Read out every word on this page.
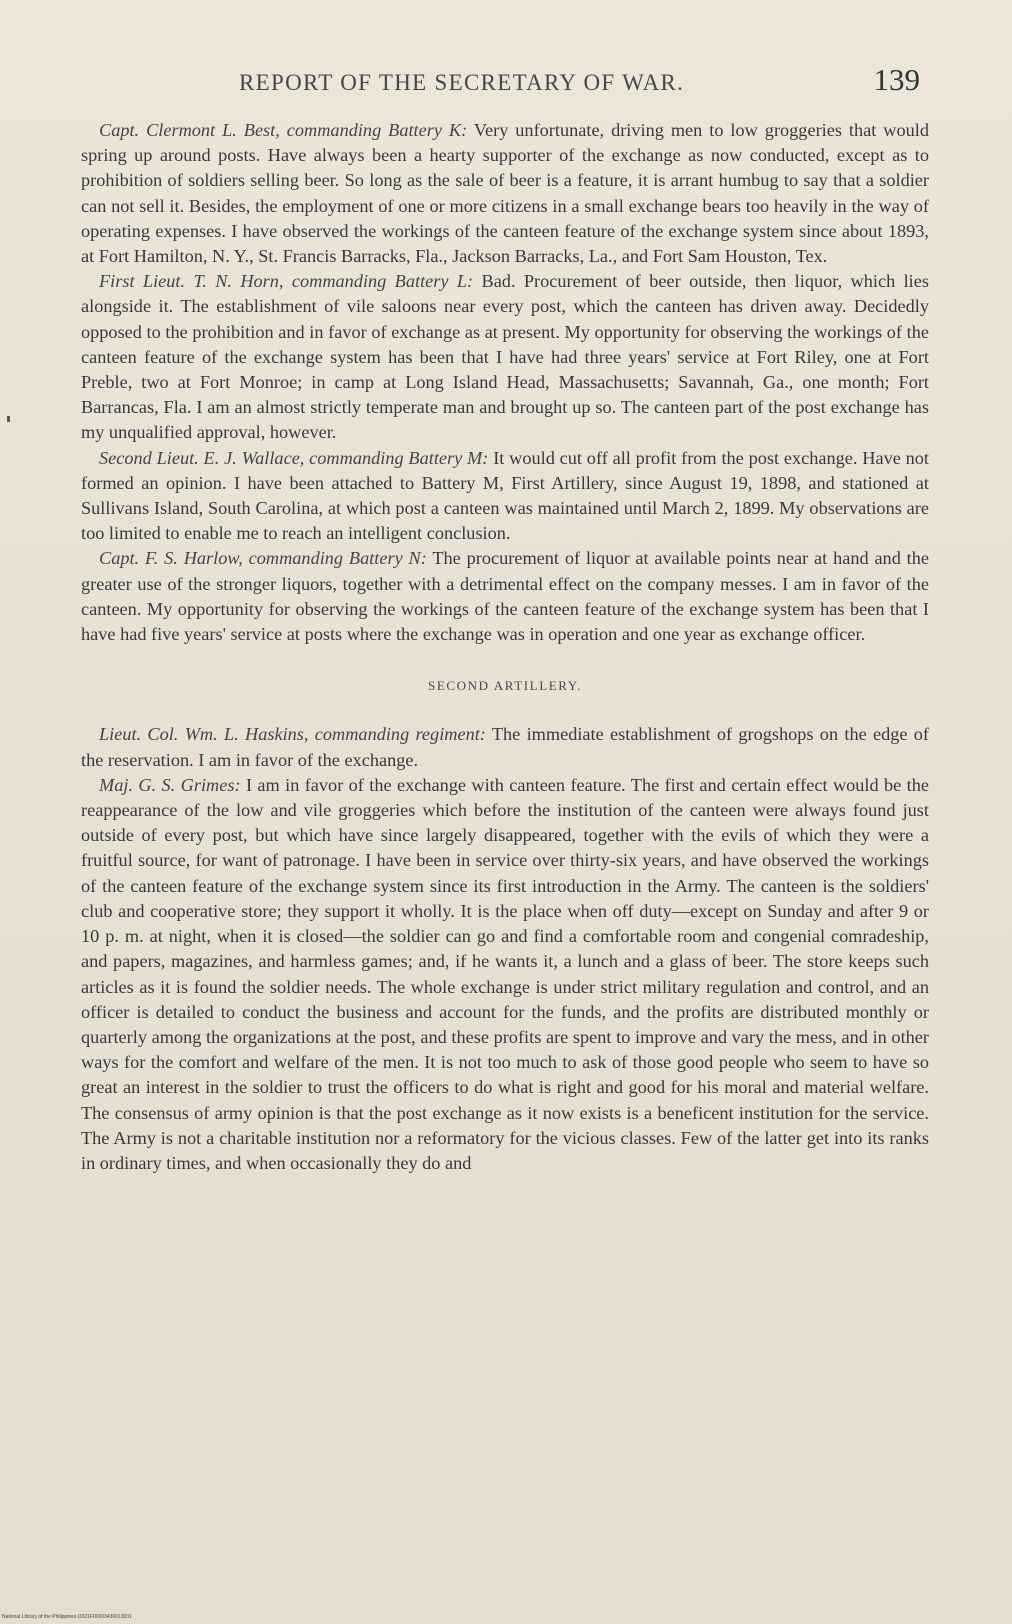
REPORT OF THE SECRETARY OF WAR.	139

Capt. Clermont L. Best, commanding Battery K: Very unfortunate, driving men to low groggeries that would spring up around posts. Have always been a hearty supporter of the exchange as now conducted, except as to prohibition of soldiers selling beer. So long as the sale of beer is a feature, it is arrant humbug to say that a soldier can not sell it. Besides, the employment of one or more citizens in a small exchange bears too heavily in the way of operating expenses. I have observed the workings of the canteen feature of the exchange system since about 1893, at Fort Hamilton, N. Y., St. Francis Barracks, Fla., Jackson Barracks, La., and Fort Sam Houston, Tex.

First Lieut. T. N. Horn, commanding Battery L: Bad. Procurement of beer outside, then liquor, which lies alongside it. The establishment of vile saloons near every post, which the canteen has driven away. Decidedly opposed to the prohibition and in favor of exchange as at present. My opportunity for observing the workings of the canteen feature of the exchange system has been that I have had three years' service at Fort Riley, one at Fort Preble, two at Fort Monroe; in camp at Long Island Head, Massachusetts; Savannah, Ga., one month; Fort Barrancas, Fla. I am an almost strictly temperate man and brought up so. The canteen part of the post exchange has my unqualified approval, however.

Second Lieut. E. J. Wallace, commanding Battery M: It would cut off all profit from the post exchange. Have not formed an opinion. I have been attached to Battery M, First Artillery, since August 19, 1898, and stationed at Sullivans Island, South Carolina, at which post a canteen was maintained until March 2, 1899. My observations are too limited to enable me to reach an intelligent conclusion.

Capt. F. S. Harlow, commanding Battery N: The procurement of liquor at available points near at hand and the greater use of the stronger liquors, together with a detrimental effect on the company messes. I am in favor of the canteen. My opportunity for observing the workings of the canteen feature of the exchange system has been that I have had five years' service at posts where the exchange was in operation and one year as exchange officer.

SECOND ARTILLERY.

Lieut. Col. Wm. L. Haskins, commanding regiment: The immediate establishment of grogshops on the edge of the reservation. I am in favor of the exchange.

Maj. G. S. Grimes: I am in favor of the exchange with canteen feature. The first and certain effect would be the reappearance of the low and vile groggeries which before the institution of the canteen were always found just outside of every post, but which have since largely disappeared, together with the evils of which they were a fruitful source, for want of patronage. I have been in service over thirty-six years, and have observed the workings of the canteen feature of the exchange system since its first introduction in the Army. The canteen is the soldiers' club and cooperative store; they support it wholly. It is the place when off duty—except on Sunday and after 9 or 10 p. m. at night, when it is closed—the soldier can go and find a comfortable room and congenial comradeship, and papers, magazines, and harmless games; and, if he wants it, a lunch and a glass of beer. The store keeps such articles as it is found the soldier needs. The whole exchange is under strict military regulation and control, and an officer is detailed to conduct the business and account for the funds, and the profits are distributed monthly or quarterly among the organizations at the post, and these profits are spent to improve and vary the mess, and in other ways for the comfort and welfare of the men. It is not too much to ask of those good people who seem to have so great an interest in the soldier to trust the officers to do what is right and good for his moral and material welfare. The consensus of army opinion is that the post exchange as it now exists is a beneficent institution for the service. The Army is not a charitable institution nor a reformatory for the vicious classes. Few of the latter get into its ranks in ordinary times, and when occasionally they do and

National Library of the Philippines D021F00003436013031
